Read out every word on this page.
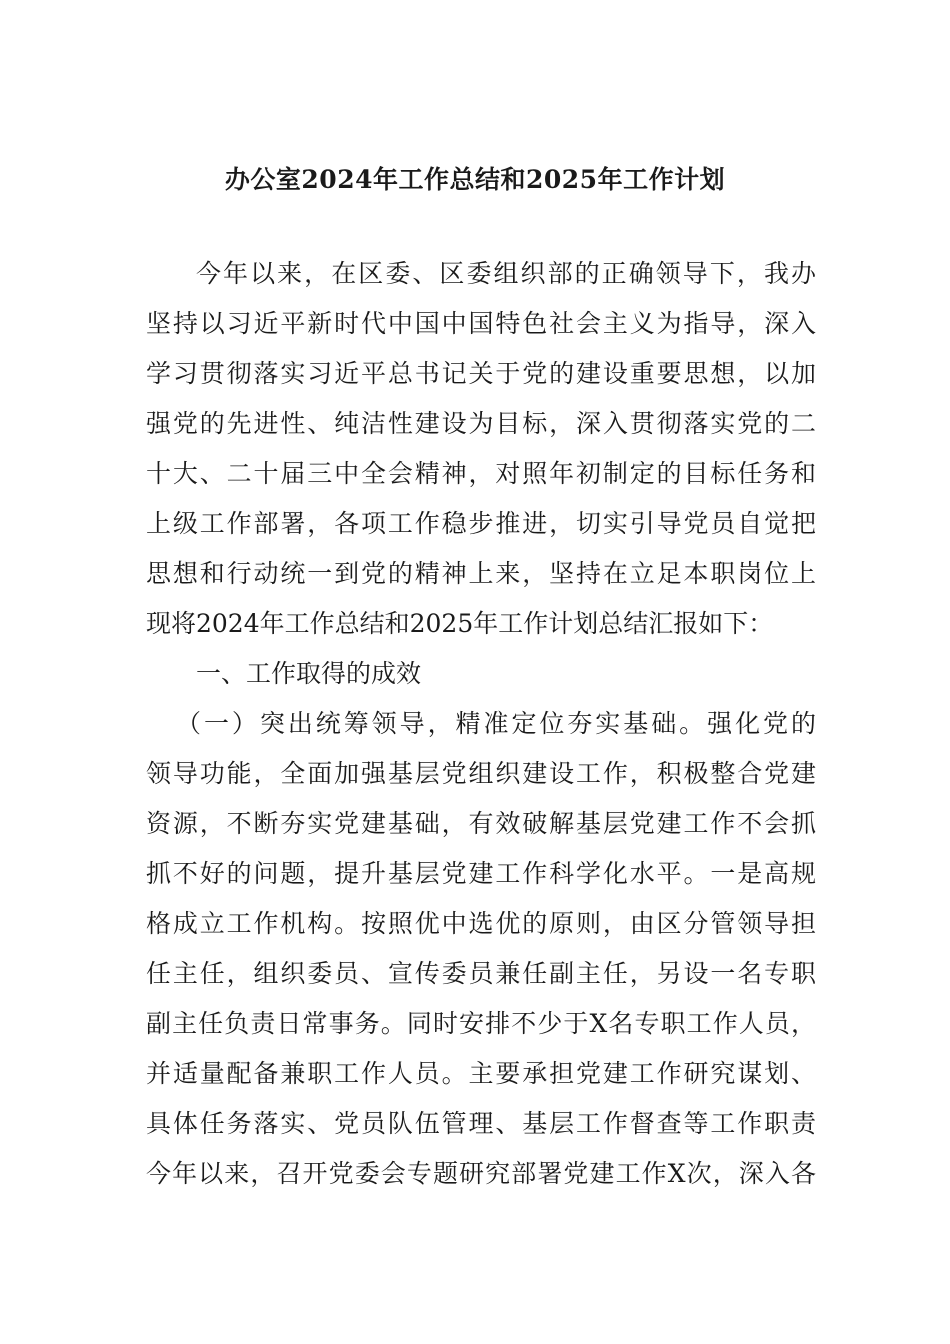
办公室2024年工作总结和2025年工作计划
今年以来，在区委、区委组织部的正确领导下，我办
坚持以习近平新时代中国中国特色社会主义为指导，深入
学习贯彻落实习近平总书记关于党的建设重要思想，以加
强党的先进性、纯洁性建设为目标，深入贯彻落实党的二
十大、二十届三中全会精神，对照年初制定的目标任务和
上级工作部署，各项工作稳步推进，切实引导党员自觉把
思想和行动统一到党的精神上来，坚持在立足本职岗位上
现将2024年工作总结和2025年工作计划总结汇报如下：
一、工作取得的成效
（一）突出统筹领导，精准定位夯实基础。强化党的
领导功能，全面加强基层党组织建设工作，积极整合党建
资源，不断夯实党建基础，有效破解基层党建工作不会抓
抓不好的问题，提升基层党建工作科学化水平。一是高规
格成立工作机构。按照优中选优的原则，由区分管领导担
任主任，组织委员、宣传委员兼任副主任，另设一名专职
副主任负责日常事务。同时安排不少于X名专职工作人员，
并适量配备兼职工作人员。主要承担党建工作研究谋划、
具体任务落实、党员队伍管理、基层工作督查等工作职责
今年以来，召开党委会专题研究部署党建工作X次，深入各
